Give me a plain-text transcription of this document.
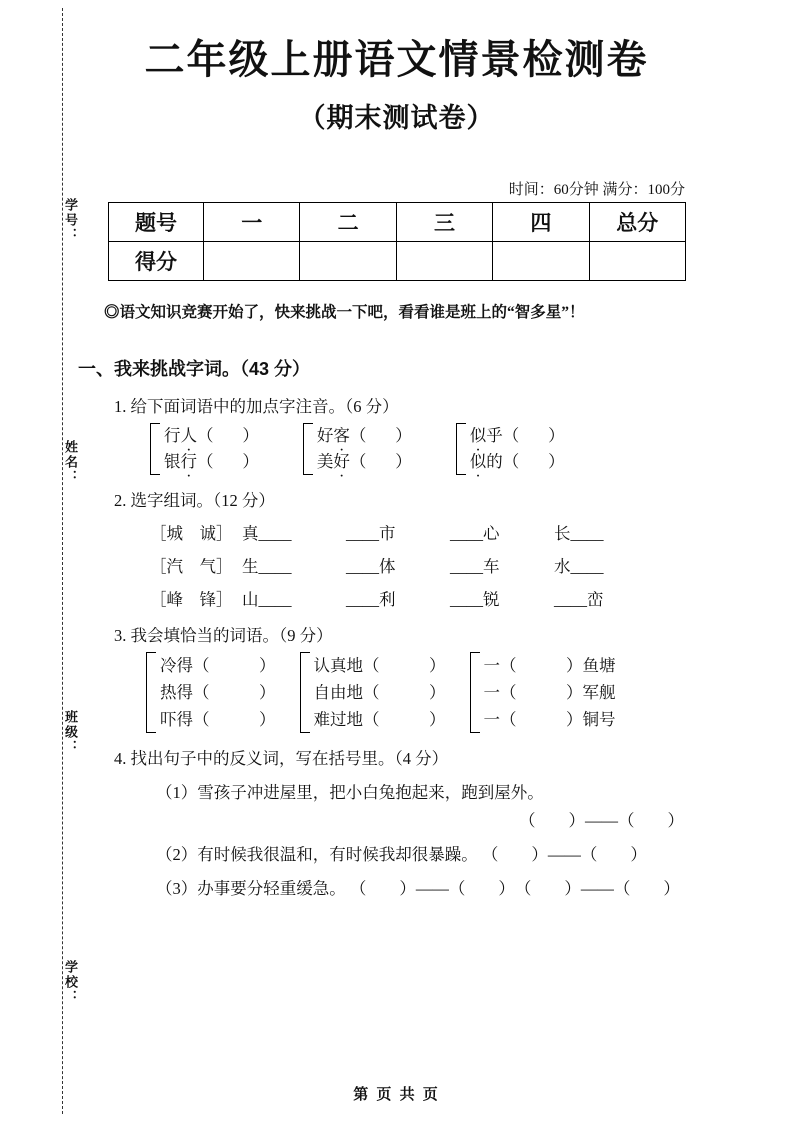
学号：
姓名：
班级：
学校：
二年级上册语文情景检测卷
（期末测试卷）
时间：60分钟 满分：100分
题号	一	二	三	四	总分
得分					
◎语文知识竞赛开始了，快来挑战一下吧，看看谁是班上的“智多星”！
一、我来挑战字词。（43 分）
1. 给下面词语中的加点字注音。（6 分）
行人（       ）
银行（       ）
好客（       ）
美好（       ）
似乎（       ）
似的（       ）
2. 选字组词。（12 分）
［城　诚］ 真____	____市	____心	长____
［汽　气］ 生____	____体	____车	水____
［峰　锋］ 山____	____利	____锐	____峦
3. 我会填恰当的词语。（9 分）
冷得（　　　）
热得（　　　）
吓得（　　　）
认真地（　　　）
自由地（　　　）
难过地（　　　）
一（　　　）鱼塘
一（　　　）军舰
一（　　　）铜号
4. 找出句子中的反义词，写在括号里。（4 分）
（1）雪孩子冲进屋里，把小白兔抱起来，跑到屋外。
（　　）——（　　）
（2）有时候我很温和，有时候我却很暴躁。 （　　）——（　　）
（3）办事要分轻重缓急。 （　　）——（　　）　（　　）——（　　）
第 页 共 页
